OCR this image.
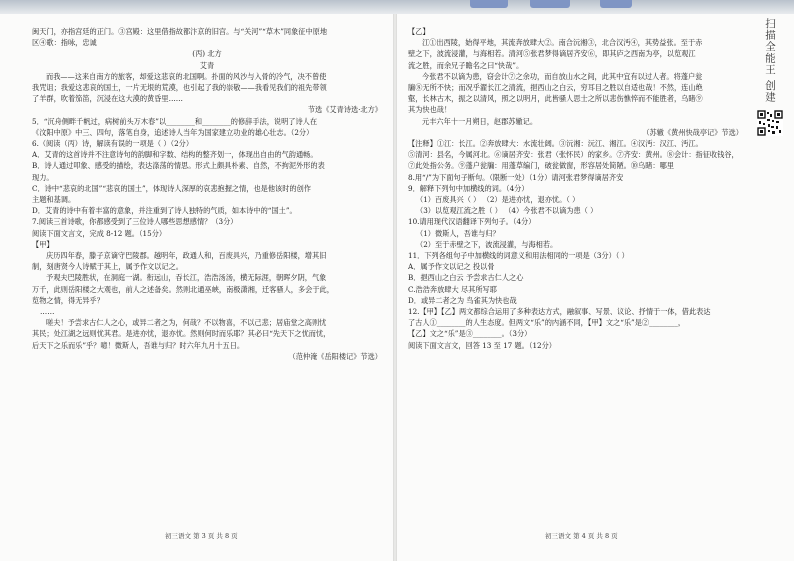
闽天门，亦指宫廷的正门。③宫殿：这里借指故都汴京的旧宫。与“关河”“草木”同象征中原地

区④歌：指咏，忠诚

(丙) 北方

艾青

而我——这来自南方的旅客，却爱这悲哀的北国啊。扑面的风沙与入骨的冷气，决不曾使

我咒诅；我爱这悲哀的国土，一片无垠的荒漠，也引起了我的崇敬——我看见我们的祖先带领

了羊群，吹着笳笛，沉浸在这大漠的黄昏里……

节选《艾青诗选·北方》

5．“沉舟侧畔千帆过，病树前头万木春”以________和________的修辞手法，说明了诗人在

《汶阳中原》中三、四句，落笔自身，追述诗人当年为国家建立功业的雄心壮志。（2分）

6.（阅读（丙）诗，解读有误的一项是（ ）（2分）

A．艾青的这首诗并不注意诗句的韵脚和字数、结构的整齐划一，体现出自由的气韵通畅。

B．诗人通过叩象、感受的描绘，表达涤荡的情思。形式上颇具朴素、自然，不拘泥外形的表

现力。

C．诗中“悲哀的北国”“悲哀的国土”，体现诗人深厚的哀悲抱握之情，也是他该时的创作

主题和基调。

D．艾青的诗中有着丰富的意象，并注重到了诗人独特的气质，如本诗中的“国土”。

7.阅读三首诗歌，你都感受到了三位诗人哪些思想感情？（3分）

阅读下面文言文，完成 8-12 题。（15分）

【甲】

庆历四年春，滕子京谪守巴陵郡。越明年，政通人和，百废具兴，乃重修岳阳楼，增其旧

制，刻唐贤今人诗赋于其上，属予作文以记之。

予观夫巴陵胜状，在洞庭一湖。衔远山，吞长江，浩浩汤汤，横无际涯，朝晖夕阴，气象

万千，此则岳阳楼之大观也，前人之述备矣。然则北通巫峡，南极潇湘，迁客骚人，多会于此，

览物之情，得无异乎？

……

嗟夫！予尝求古仁人之心，或异二者之为，何哉？不以物喜，不以己悲；居庙堂之高则忧

其民；处江湖之远则忧其君。是进亦忧，退亦忧。然则何时而乐耶？其必曰“先天下之忧而忧，

后天下之乐而乐”乎？噫！微斯人，吾谁与归？时六年九月十五日。

（范仲淹《岳阳楼记》节选）

初三语文 第 3 页 共 8 页

【乙】

江①出西陵，始得平地，其流奔放肆大②。南合沅湘③，北合汉沔④，其势益张。至于赤

壁之下，波流浸灌，与海相若。清河⑤张君梦得谪居齐安⑥，即其庐之西南为亭，以览观江

流之胜，而余兄子瞻名之曰“快哉”。

今张君不以谪为患，窃会计⑦之余功，而自放山水之间，此其中宜有以过人者。将蓬户瓮

牖⑧无所不快；而况乎濯长江之清流，挹西山之白云，穷耳目之胜以自适也哉！不然，连山绝

壑，长林古木，振之以清风，照之以明月，此皆骚人思士之所以悲伤憔悴而不能胜者，乌睹⑨

其为快也哉！

元丰六年十一月朔日，赵郡苏辙记。

（苏辙《黄州快哉亭记》节选）

【注释】①江：长江。②奔放肆大：水流壮阔。③沅湘：沅江、湘江。④汉沔：汉江、沔江。

⑤清河：县名，今属河北。⑥谪居齐安：张君（张怀民）的家乡。⑦齐安：黄州。⑧会计：指征收钱谷，

⑦此处指公务。⑨蓬户瓮牖：用蓬草编门，破瓮做窗，形容居处简陋。⑩乌睹：哪里

8.用“/”为下面句子断句。（限断一处）（1分）请河张君梦得谪居齐安

9．解释下列句中加横线的词。（4分）

（1）百废具兴（ ） （2）是进亦忧，退亦忧。（ ）

（3）以览观江流之胜（ ） （4）今张君不以谪为患（ ）

10.请用现代汉语翻译下列句子。（4分）

（1）微斯人，吾谁与归？

（2）至于赤壁之下，波流浸灌，与海相若。

11．下列各组句子中加横线的词意义和用法相同的一项是（3分）（ ）

A．属予作文以记之 投以骨

B．挹西山之白云 予尝求古仁人之心

C.浩浩奔放肆大 尽其所写耶

D．或异二者之为 鸟雀其为快也哉

12.【甲】【乙】两文都综合运用了多种表达方式，融叙事、写景、议论、抒情于一体，借此表达

了古人①________的人生态度。但两文“乐”的内涵不同，【甲】文之“乐”是②________，

【乙】文之“乐”是③________。（3分）

阅读下面文言文，回答 13 至 17 题。（12分）

初三语文 第 4 页 共 8 页
扫描全能王 创建
